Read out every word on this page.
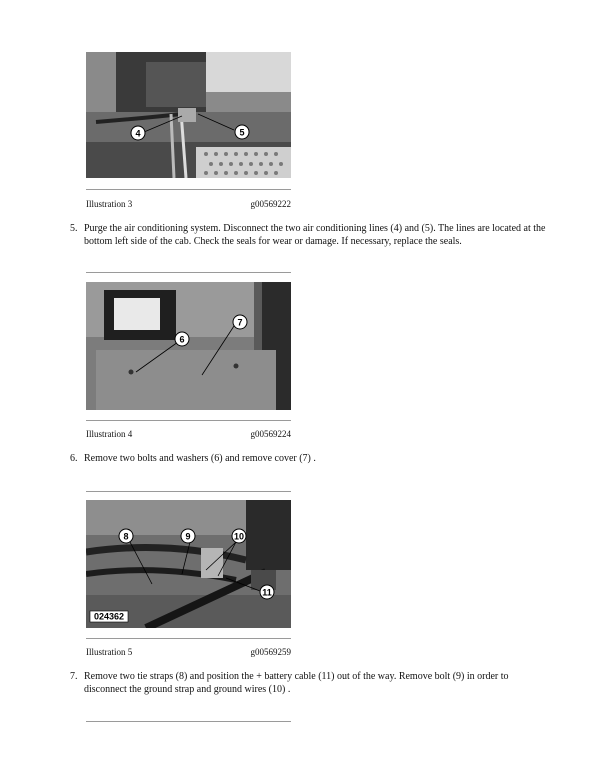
4	5
Illustration 3	g00569222
5. Purge the air conditioning system. Disconnect the two air conditioning lines (4) and (5). The lines are located at the bottom left side of the cab. Check the seals for wear or damage. If necessary, replace the seals.
6
7
Illustration 4	g00569224
6. Remove two bolts and washers (6) and remove cover (7) .
8	9	10
11
024362
Illustration 5	g00569259
7. Remove two tie straps (8) and position the + battery cable (11) out of the way. Remove bolt (9) in order to disconnect the ground strap and ground wires (10) .
